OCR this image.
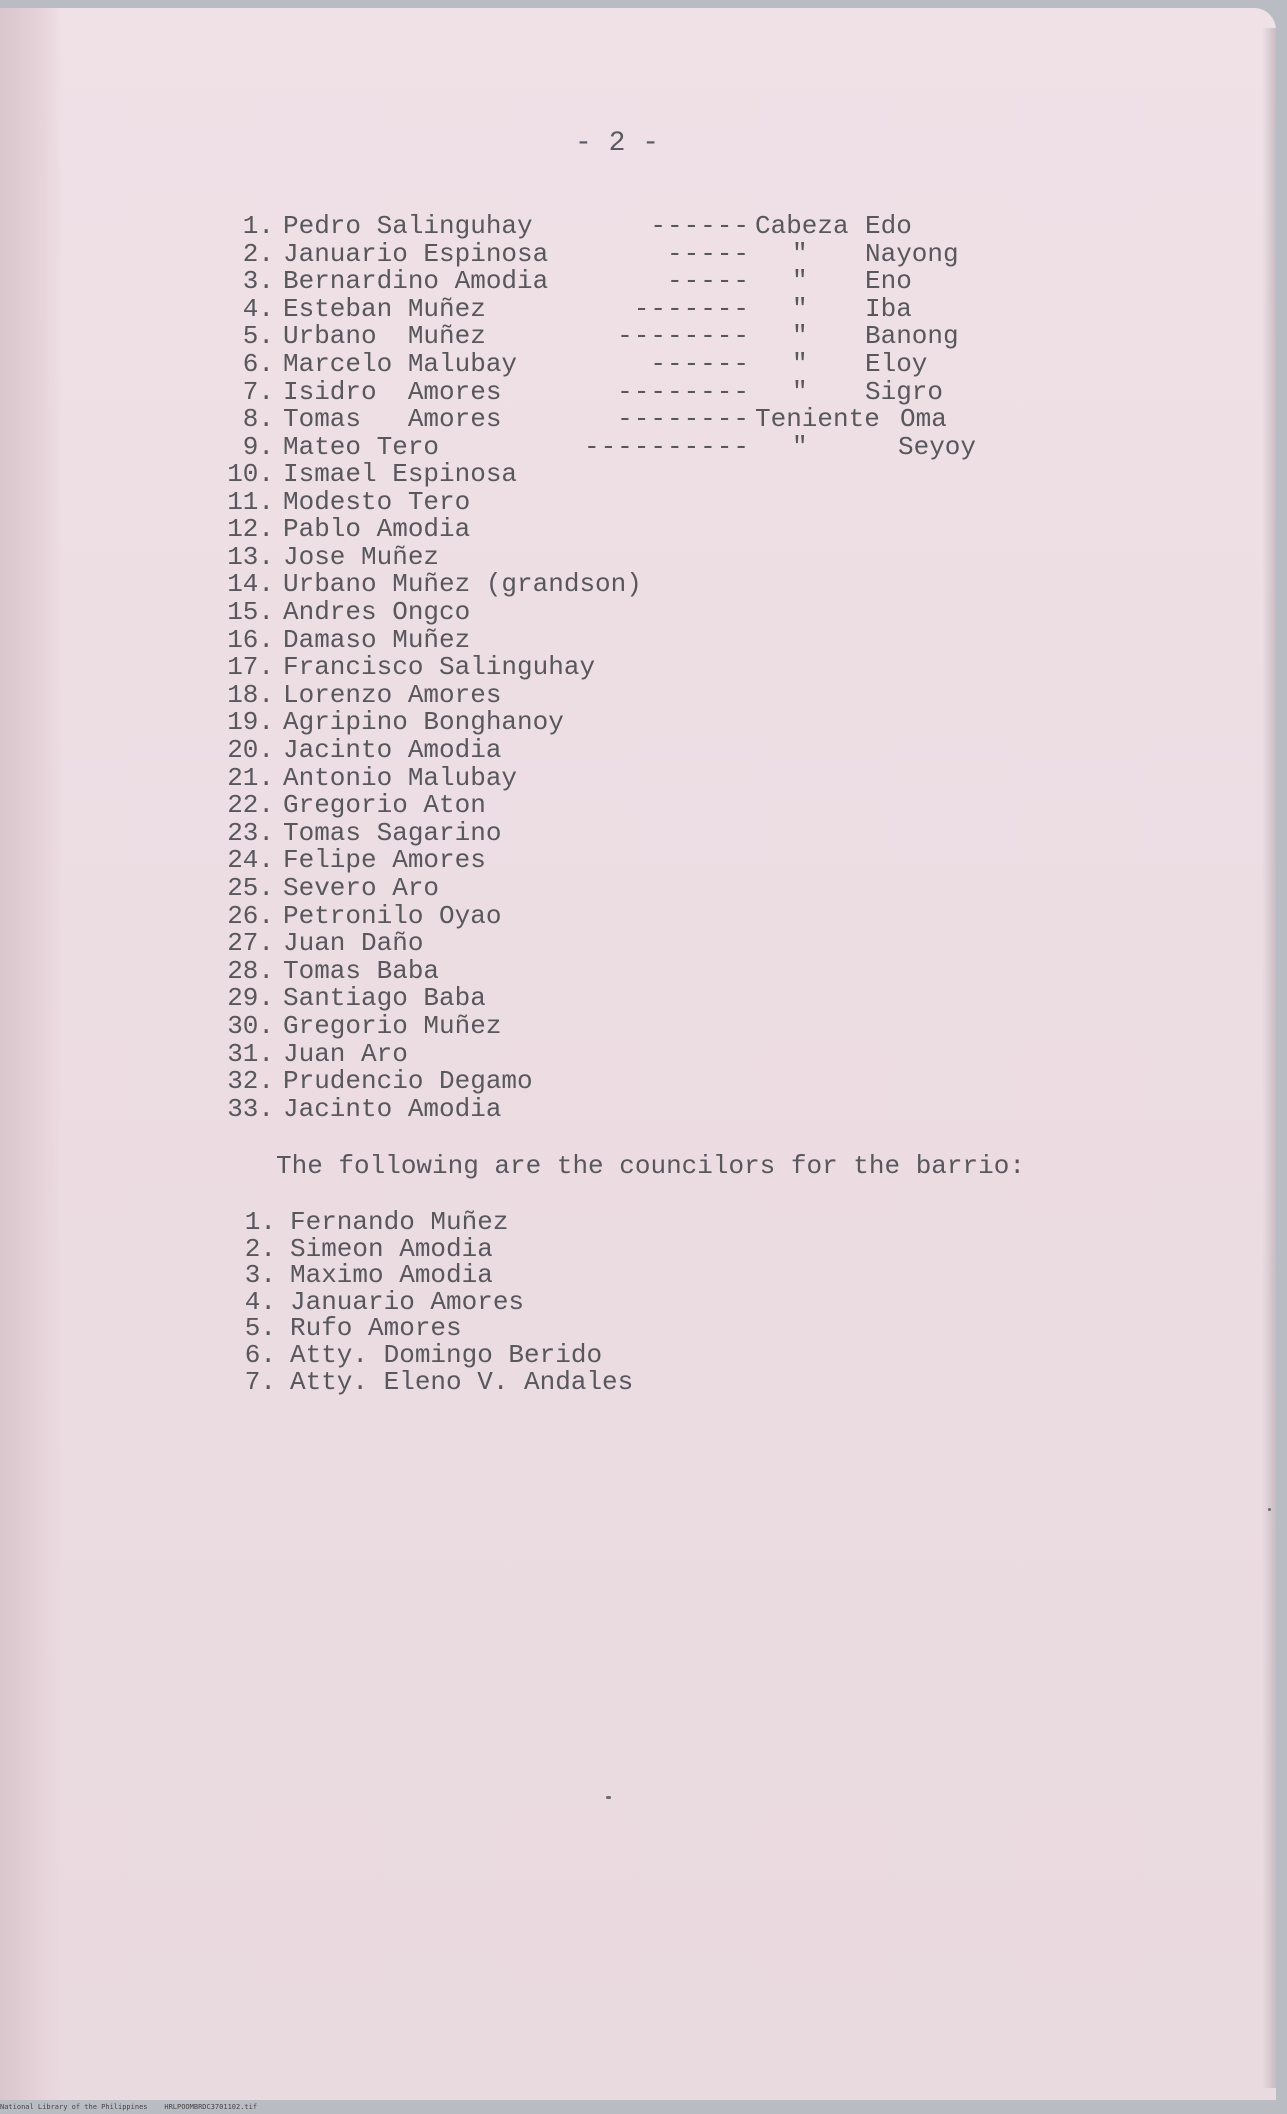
- 2 -
1. Pedro Salinguhay	------ Cabeza Edo
2. Januario Espinosa	----- " Nayong
3. Bernardino Amodia	----- " Eno
4. Esteban Muñez	------- " Iba
5. Urbano  Muñez	-------- " Banong
6. Marcelo Malubay	------ " Eloy
7. Isidro  Amores	-------- " Sigro
8. Tomas   Amores	-------- Teniente Oma
9. Mateo Tero	---------- "	Seyoy
10. Ismael Espinosa
11. Modesto Tero
12. Pablo Amodia
13. Jose Muñez
14. Urbano Muñez (grandson)
15. Andres Ongco
16. Damaso Muñez
17. Francisco Salinguhay
18. Lorenzo Amores
19. Agripino Bonghanoy
20. Jacinto Amodia
21. Antonio Malubay
22. Gregorio Aton
23. Tomas Sagarino
24. Felipe Amores
25. Severo Aro
26. Petronilo Oyao
27. Juan Daño
28. Tomas Baba
29. Santiago Baba
30. Gregorio Muñez
31. Juan Aro
32. Prudencio Degamo
33. Jacinto Amodia
The following are the councilors for the barrio:
1. Fernando Muñez
2. Simeon Amodia
3. Maximo Amodia
4. Januario Amores
5. Rufo Amores
6. Atty. Domingo Berido
7. Atty. Eleno V. Andales
National Library of the Philippines    HRLPOOMBRDC3701102.tif
